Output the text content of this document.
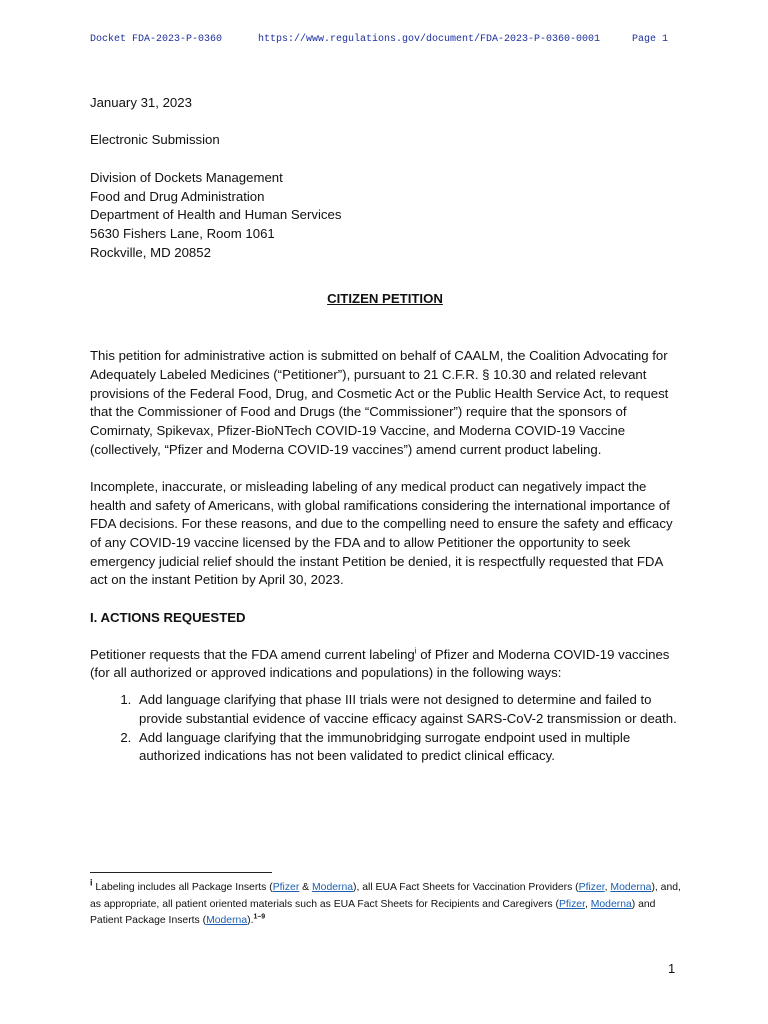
Docket FDA-2023-P-0360	https://www.regulations.gov/document/FDA-2023-P-0360-0001	Page 1

January 31, 2023

Electronic Submission

Division of Dockets Management
Food and Drug Administration
Department of Health and Human Services
5630 Fishers Lane, Room 1061
Rockville, MD 20852

CITIZEN PETITION

This petition for administrative action is submitted on behalf of CAALM, the Coalition Advocating for Adequately Labeled Medicines (“Petitioner”), pursuant to 21 C.F.R. § 10.30 and related relevant provisions of the Federal Food, Drug, and Cosmetic Act or the Public Health Service Act, to request that the Commissioner of Food and Drugs (the “Commissioner”) require that the sponsors of Comirnaty, Spikevax, Pfizer-BioNTech COVID-19 Vaccine, and Moderna COVID-19 Vaccine (collectively, “Pfizer and Moderna COVID-19 vaccines”) amend current product labeling.

Incomplete, inaccurate, or misleading labeling of any medical product can negatively impact the health and safety of Americans, with global ramifications considering the international importance of FDA decisions. For these reasons, and due to the compelling need to ensure the safety and efficacy of any COVID-19 vaccine licensed by the FDA and to allow Petitioner the opportunity to seek emergency judicial relief should the instant Petition be denied, it is respectfully requested that FDA act on the instant Petition by April 30, 2023.

I. ACTIONS REQUESTED

Petitioner requests that the FDA amend current labeling$^i$ of Pfizer and Moderna COVID-19 vaccines (for all authorized or approved indications and populations) in the following ways:

1. Add language clarifying that phase III trials were not designed to determine and failed to provide substantial evidence of vaccine efficacy against SARS-CoV-2 transmission or death.
2. Add language clarifying that the immunobridging surrogate endpoint used in multiple authorized indications has not been validated to predict clinical efficacy.
i Labeling includes all Package Inserts (Pfizer & Moderna), all EUA Fact Sheets for Vaccination Providers (Pfizer, Moderna), and, as appropriate, all patient oriented materials such as EUA Fact Sheets for Recipients and Caregivers (Pfizer, Moderna) and Patient Package Inserts (Moderna).$^{1-9}$
1
